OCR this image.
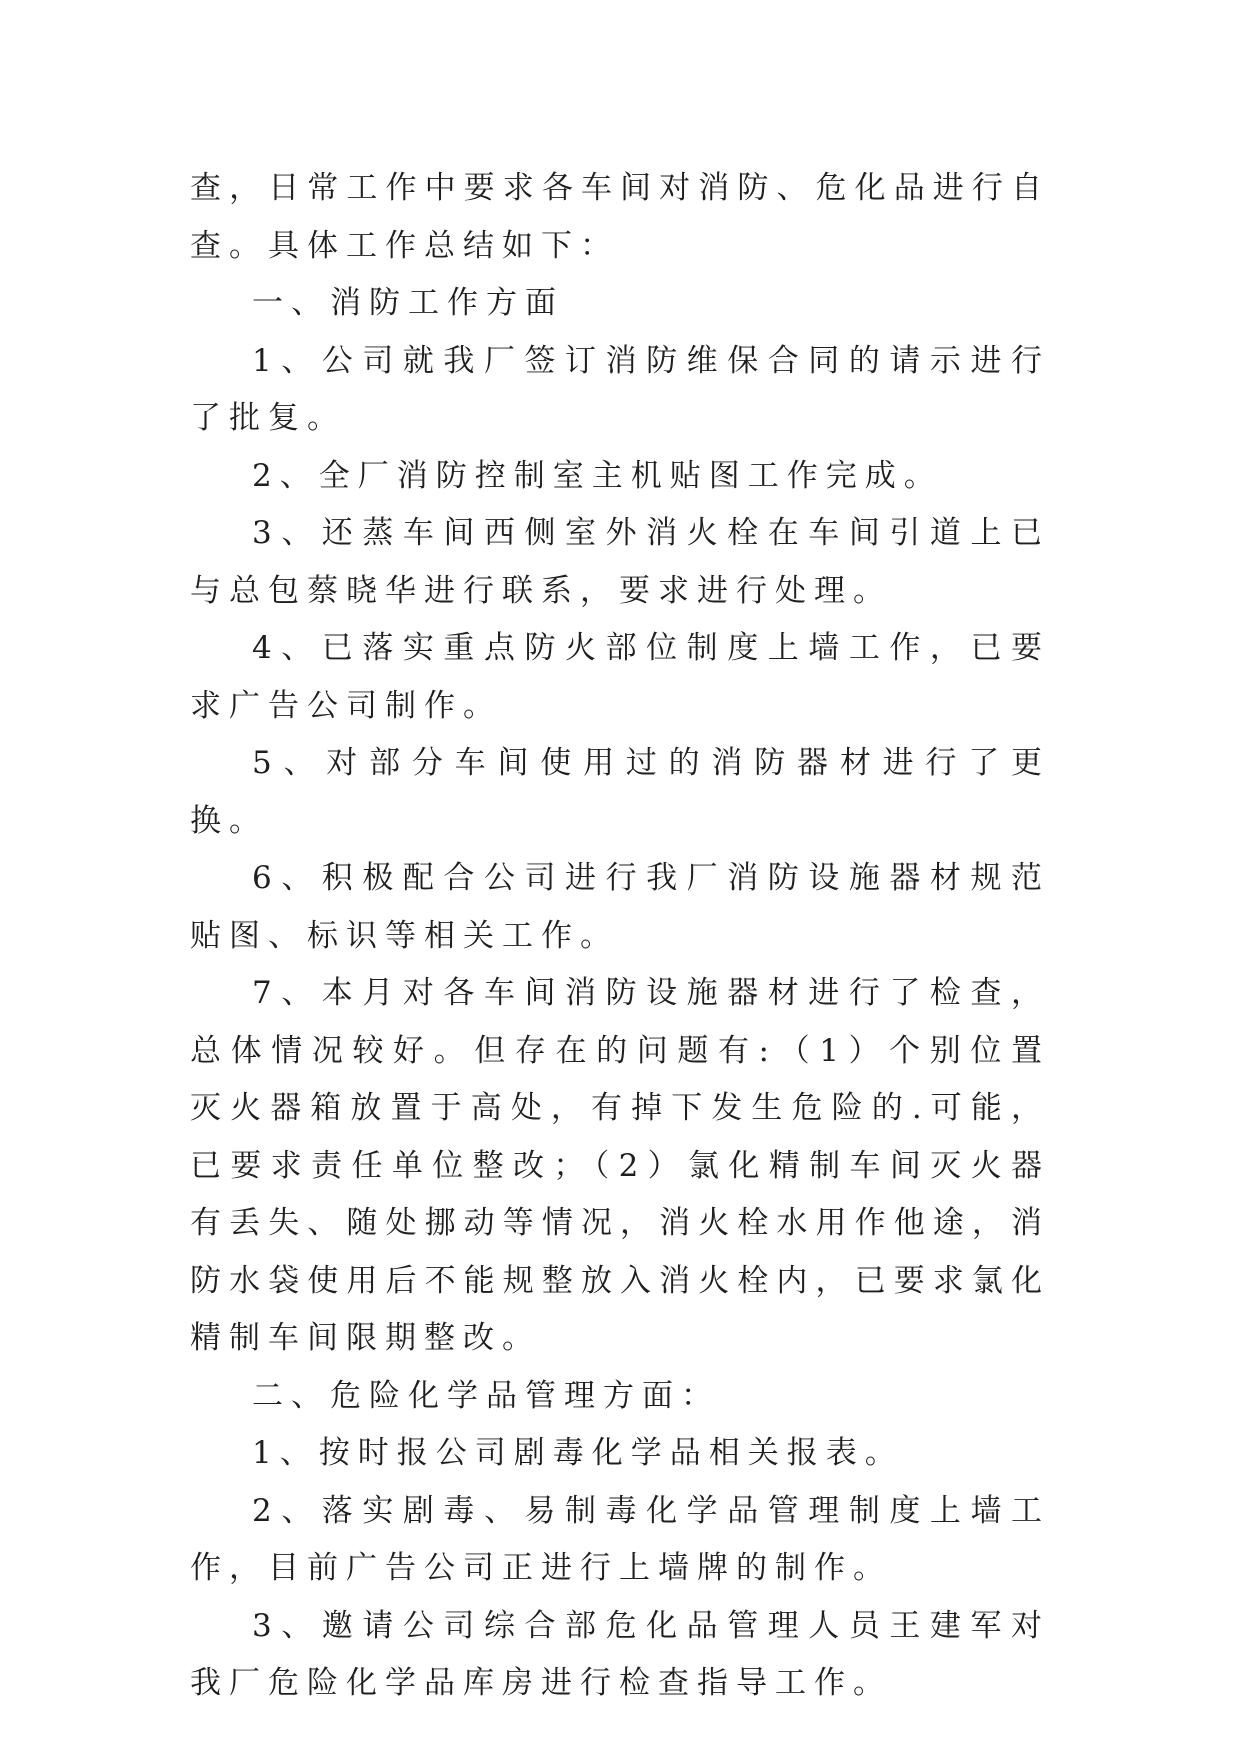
查，日常工作中要求各车间对消防、危化品进行自查。具体工作总结如下：

一、消防工作方面

1、公司就我厂签订消防维保合同的请示进行了批复。

2、全厂消防控制室主机贴图工作完成。

3、还蒸车间西侧室外消火栓在车间引道上已与总包蔡晓华进行联系，要求进行处理。

4、已落实重点防火部位制度上墙工作，已要求广告公司制作。

5、对部分车间使用过的消防器材进行了更换。

6、积极配合公司进行我厂消防设施器材规范贴图、标识等相关工作。

7、本月对各车间消防设施器材进行了检查，总体情况较好。但存在的问题有:（1）个别位置灭火器箱放置于高处，有掉下发生危险的.可能，已要求责任单位整改；（2）氯化精制车间灭火器有丢失、随处挪动等情况，消火栓水用作他途，消防水袋使用后不能规整放入消火栓内，已要求氯化精制车间限期整改。

二、危险化学品管理方面：

1、按时报公司剧毒化学品相关报表。

2、落实剧毒、易制毒化学品管理制度上墙工作，目前广告公司正进行上墙牌的制作。

3、邀请公司综合部危化品管理人员王建军对我厂危险化学品库房进行检查指导工作。
